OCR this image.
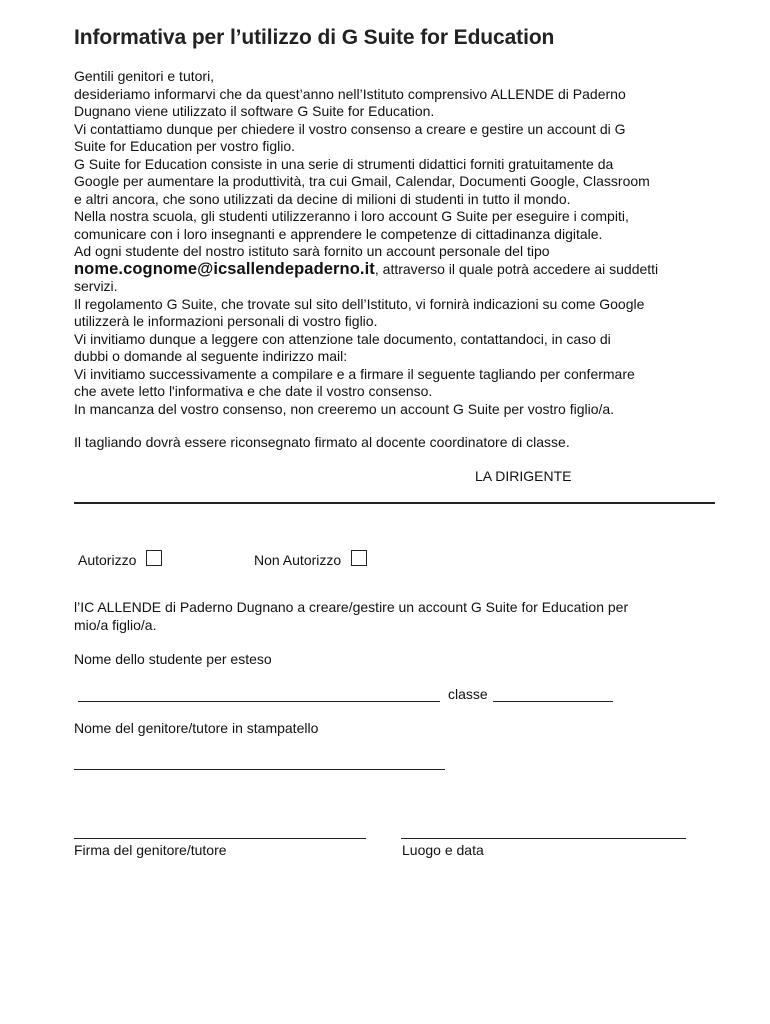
Informativa per l’utilizzo di G Suite for Education
Gentili genitori e tutori,
desideriamo informarvi che da quest’anno nell’Istituto comprensivo ALLENDE di Paderno
Dugnano viene utilizzato il software G Suite for Education.
Vi contattiamo dunque per chiedere il vostro consenso a creare e gestire un account di G
Suite for Education per vostro figlio.
G Suite for Education consiste in una serie di strumenti didattici forniti gratuitamente da
Google per aumentare la produttività, tra cui Gmail, Calendar, Documenti Google, Classroom
e altri ancora, che sono utilizzati da decine di milioni di studenti in tutto il mondo.
Nella nostra scuola, gli studenti utilizzeranno i loro account G Suite per eseguire i compiti,
comunicare con i loro insegnanti e apprendere le competenze di cittadinanza digitale.
Ad ogni studente del nostro istituto sarà fornito un account personale del tipo
nome.cognome@icsallendepaderno.it, attraverso il quale potrà accedere ai suddetti
servizi.
Il regolamento G Suite, che trovate sul sito dell’Istituto, vi fornirà indicazioni su come Google
utilizzerà le informazioni personali di vostro figlio.
Vi invitiamo dunque a leggere con attenzione tale documento, contattandoci, in caso di
dubbi o domande al seguente indirizzo mail:
Vi invitiamo successivamente a compilare e a firmare il seguente tagliando per confermare
che avete letto l'informativa e che date il vostro consenso.
In mancanza del vostro consenso, non creeremo un account G Suite per vostro figlio/a.
Il tagliando dovrà essere riconsegnato firmato al docente coordinatore di classe.
LA DIRIGENTE
Autorizzo	Non Autorizzo
l’IC ALLENDE di Paderno Dugnano a creare/gestire un account G Suite for Education per
mio/a figlio/a.
Nome dello studente per esteso
classe
Nome del genitore/tutore in stampatello
Firma del genitore/tutore	Luogo e data
